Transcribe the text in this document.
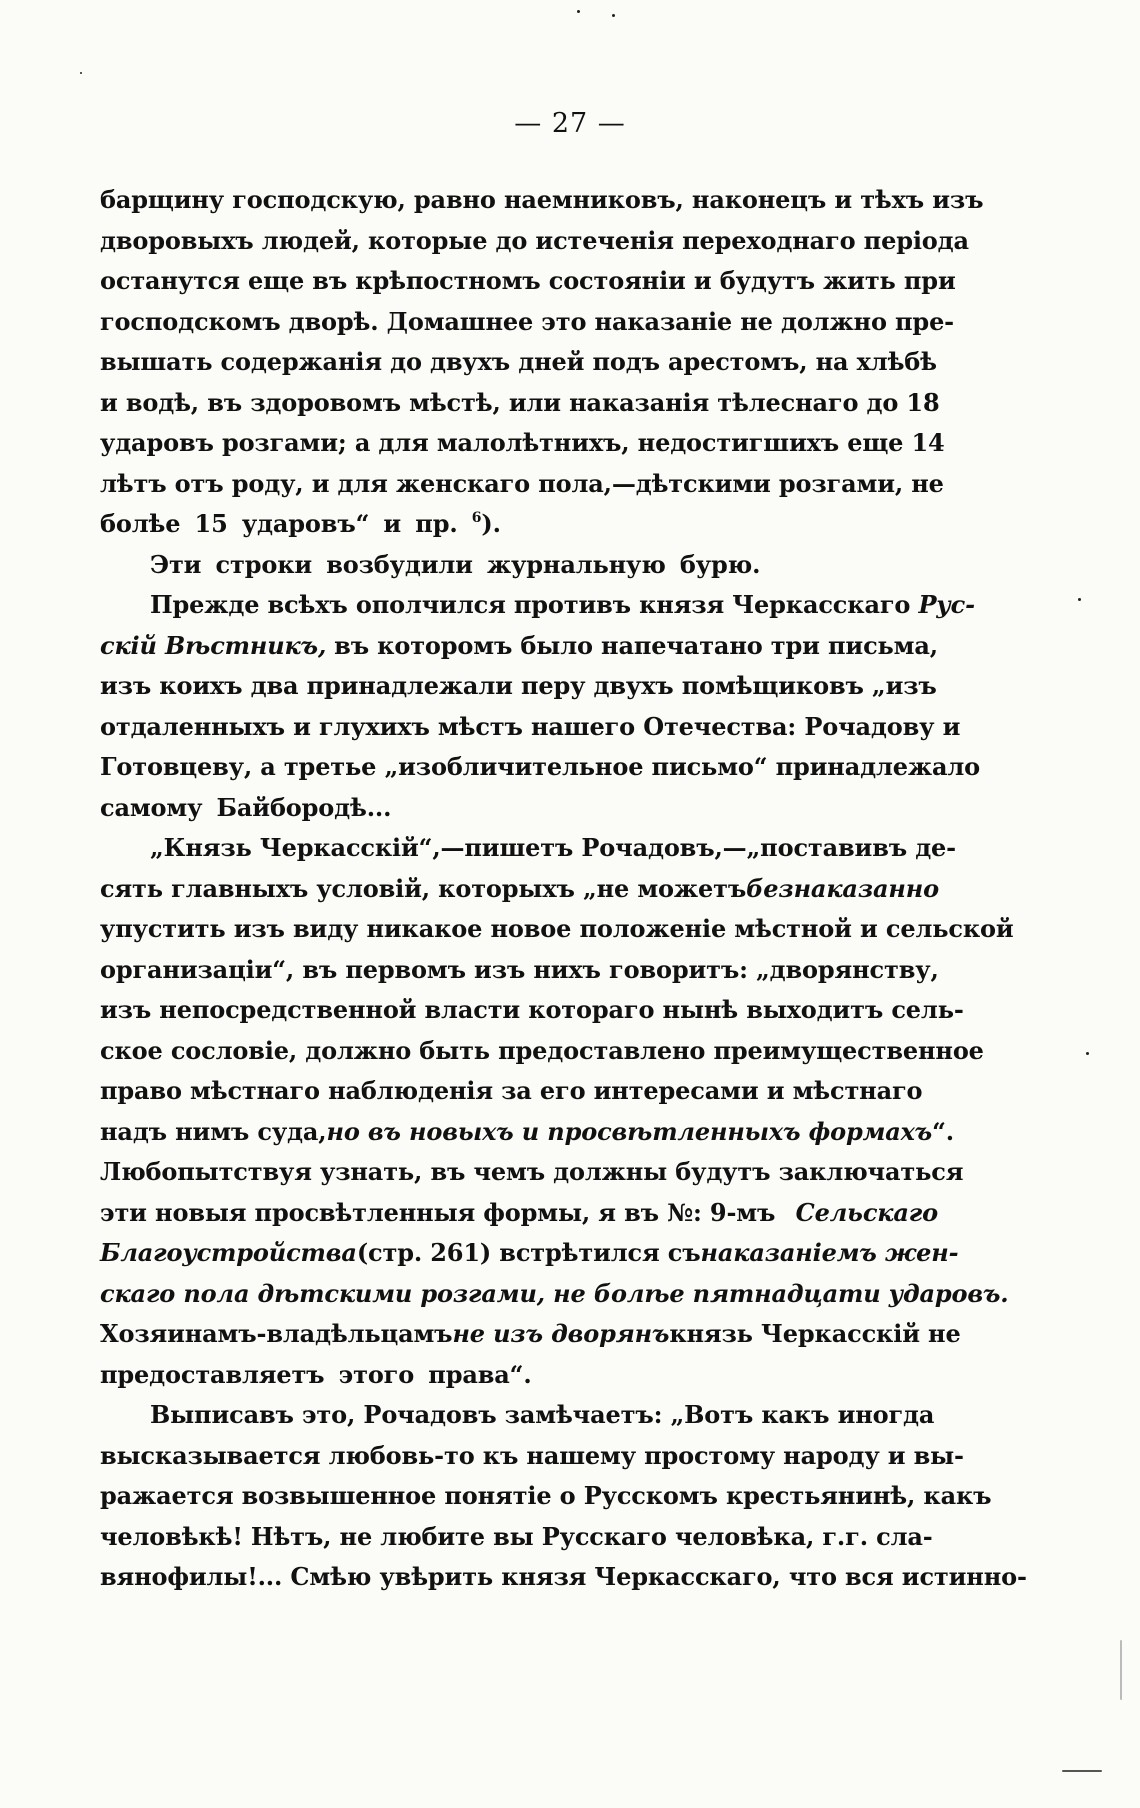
— 27 —
барщину господскую, равно наемниковъ, наконецъ и тѣхъ изъ
дворовыхъ людей, которые до истеченія переходнаго періода
останутся еще въ крѣпостномъ состояніи и будутъ жить при
господскомъ дворѣ. Домашнее это наказаніе не должно пре-
вышать содержанія до двухъ дней подъ арестомъ, на хлѣбѣ
и водѣ, въ здоровомъ мѣстѣ, или наказанія тѣлеснаго до 18
ударовъ розгами; а для малолѣтнихъ, недостигшихъ еще 14
лѣтъ отъ роду, и для женскаго пола,—дѣтскими розгами, не
болѣе 15 ударовъ“ и пр. $^6$).
Эти строки возбудили журнальную бурю.
Прежде всѣхъ ополчился противъ князя Черкасскаго Рус-
скій Вѣстникъ, въ которомъ было напечатано три письма,
изъ коихъ два принадлежали перу двухъ помѣщиковъ „изъ
отдаленныхъ и глухихъ мѣстъ нашего Отечества: Рочадову и
Готовцеву, а третье „изобличительное письмо“ принадлежало
самому Байбородѣ...
„Князь Черкасскій“,—пишетъ Рочадовъ,—„поставивъ де-
сять главныхъ условій, которыхъ „не можетъ безнаказанно
упустить изъ виду никакое новое положеніе мѣстной и сельской
организаціи“, въ первомъ изъ нихъ говоритъ: „дворянству,
изъ непосредственной власти котораго нынѣ выходитъ сель-
ское сословіе, должно быть предоставлено преимущественное
право мѣстнаго наблюденія за его интересами и мѣстнаго
надъ нимъ суда, но въ новыхъ и просвѣтленныхъ формахъ“.
Любопытствуя узнать, въ чемъ должны будутъ заключаться
эти новыя просвѣтленныя формы, я въ №: 9-мъ Сельскаго
Благоустройства (стр. 261) встрѣтился съ наказаніемъ жен-
скаго пола дѣтскими розгами, не болѣе пятнадцати ударовъ.
Хозяинамъ-владѣльцамъ не изъ дворянъ князь Черкасскій не
предоставляетъ этого права“.
Выписавъ это, Рочадовъ замѣчаетъ: „Вотъ какъ иногда
высказывается любовь-то къ нашему простому народу и вы-
ражается возвышенное понятіе о Русскомъ крестьянинѣ, какъ
человѣкѣ! Нѣтъ, не любите вы Русскаго человѣка, г.г. сла-
вянофилы!... Смѣю увѣрить князя Черкасскаго, что вся истинно-
